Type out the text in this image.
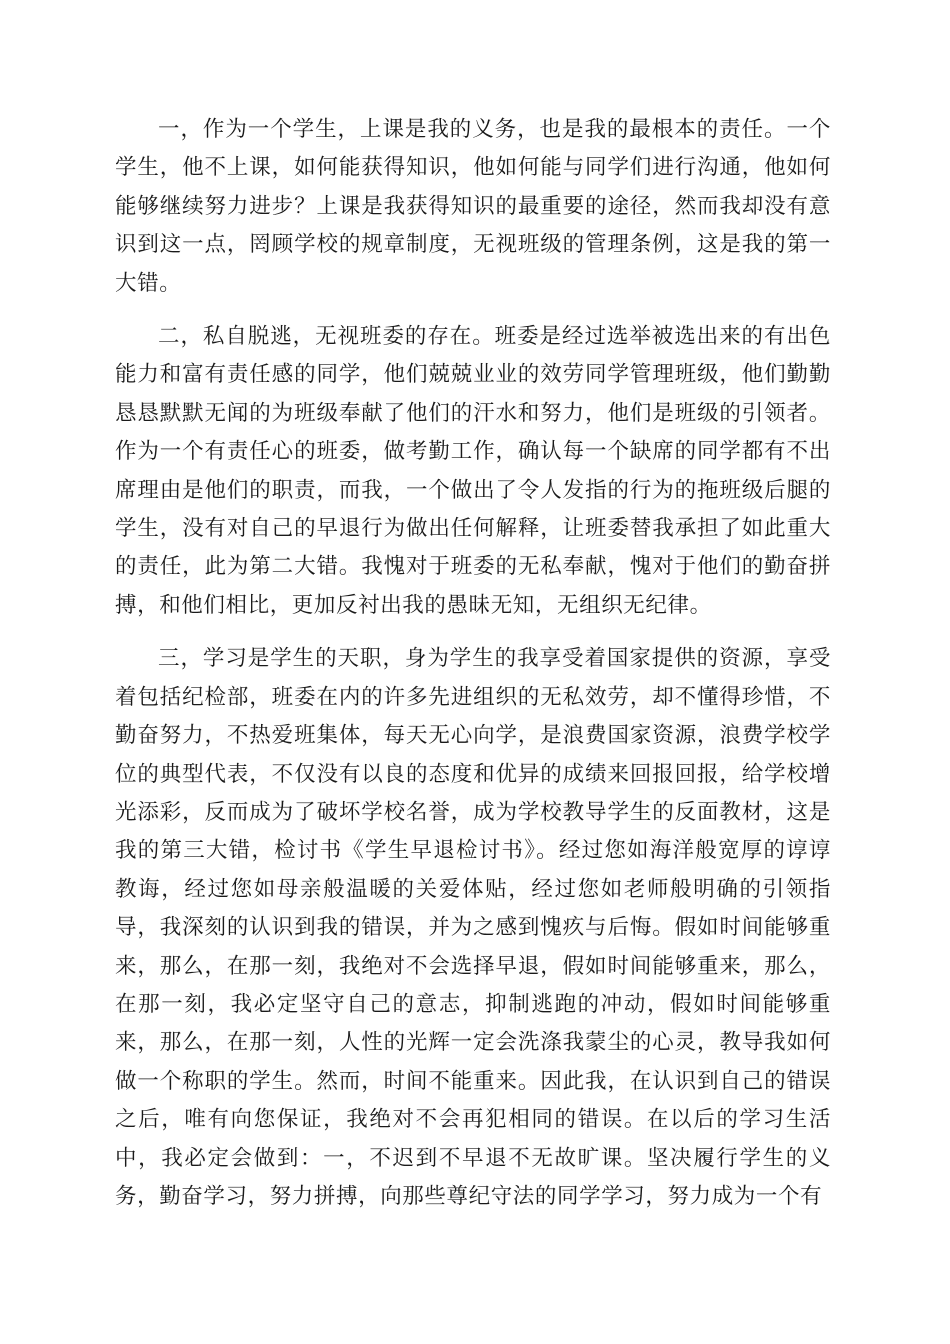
一，作为一个学生，上课是我的义务，也是我的最根本的责任。一个学生，他不上课，如何能获得知识，他如何能与同学们进行沟通，他如何能够继续努力进步？上课是我获得知识的最重要的途径，然而我却没有意识到这一点，罔顾学校的规章制度，无视班级的管理条例，这是我的第一大错。

二，私自脱逃，无视班委的存在。班委是经过选举被选出来的有出色能力和富有责任感的同学，他们兢兢业业的效劳同学管理班级，他们勤勤恳恳默默无闻的为班级奉献了他们的汗水和努力，他们是班级的引领者。作为一个有责任心的班委，做考勤工作，确认每一个缺席的同学都有不出席理由是他们的职责，而我，一个做出了令人发指的行为的拖班级后腿的学生，没有对自己的早退行为做出任何解释，让班委替我承担了如此重大的责任，此为第二大错。我愧对于班委的无私奉献，愧对于他们的勤奋拼搏，和他们相比，更加反衬出我的愚昧无知，无组织无纪律。

三，学习是学生的天职，身为学生的我享受着国家提供的资源，享受着包括纪检部，班委在内的许多先进组织的无私效劳，却不懂得珍惜，不勤奋努力，不热爱班集体，每天无心向学，是浪费国家资源，浪费学校学位的典型代表，不仅没有以良的态度和优异的成绩来回报回报，给学校增光添彩，反而成为了破坏学校名誉，成为学校教导学生的反面教材，这是我的第三大错，检讨书《学生早退检讨书》。经过您如海洋般宽厚的谆谆教诲，经过您如母亲般温暖的关爱体贴，经过您如老师般明确的引领指导，我深刻的认识到我的错误，并为之感到愧疚与后悔。假如时间能够重来，那么，在那一刻，我绝对不会选择早退，假如时间能够重来，那么，在那一刻，我必定坚守自己的意志，抑制逃跑的冲动，假如时间能够重来，那么，在那一刻，人性的光辉一定会洗涤我蒙尘的心灵，教导我如何做一个称职的学生。然而，时间不能重来。因此我，在认识到自己的错误之后，唯有向您保证，我绝对不会再犯相同的错误。在以后的学习生活中，我必定会做到：一，不迟到不早退不无故旷课。坚决履行学生的义务，勤奋学习，努力拼搏，向那些尊纪守法的同学学习，努力成为一个有
